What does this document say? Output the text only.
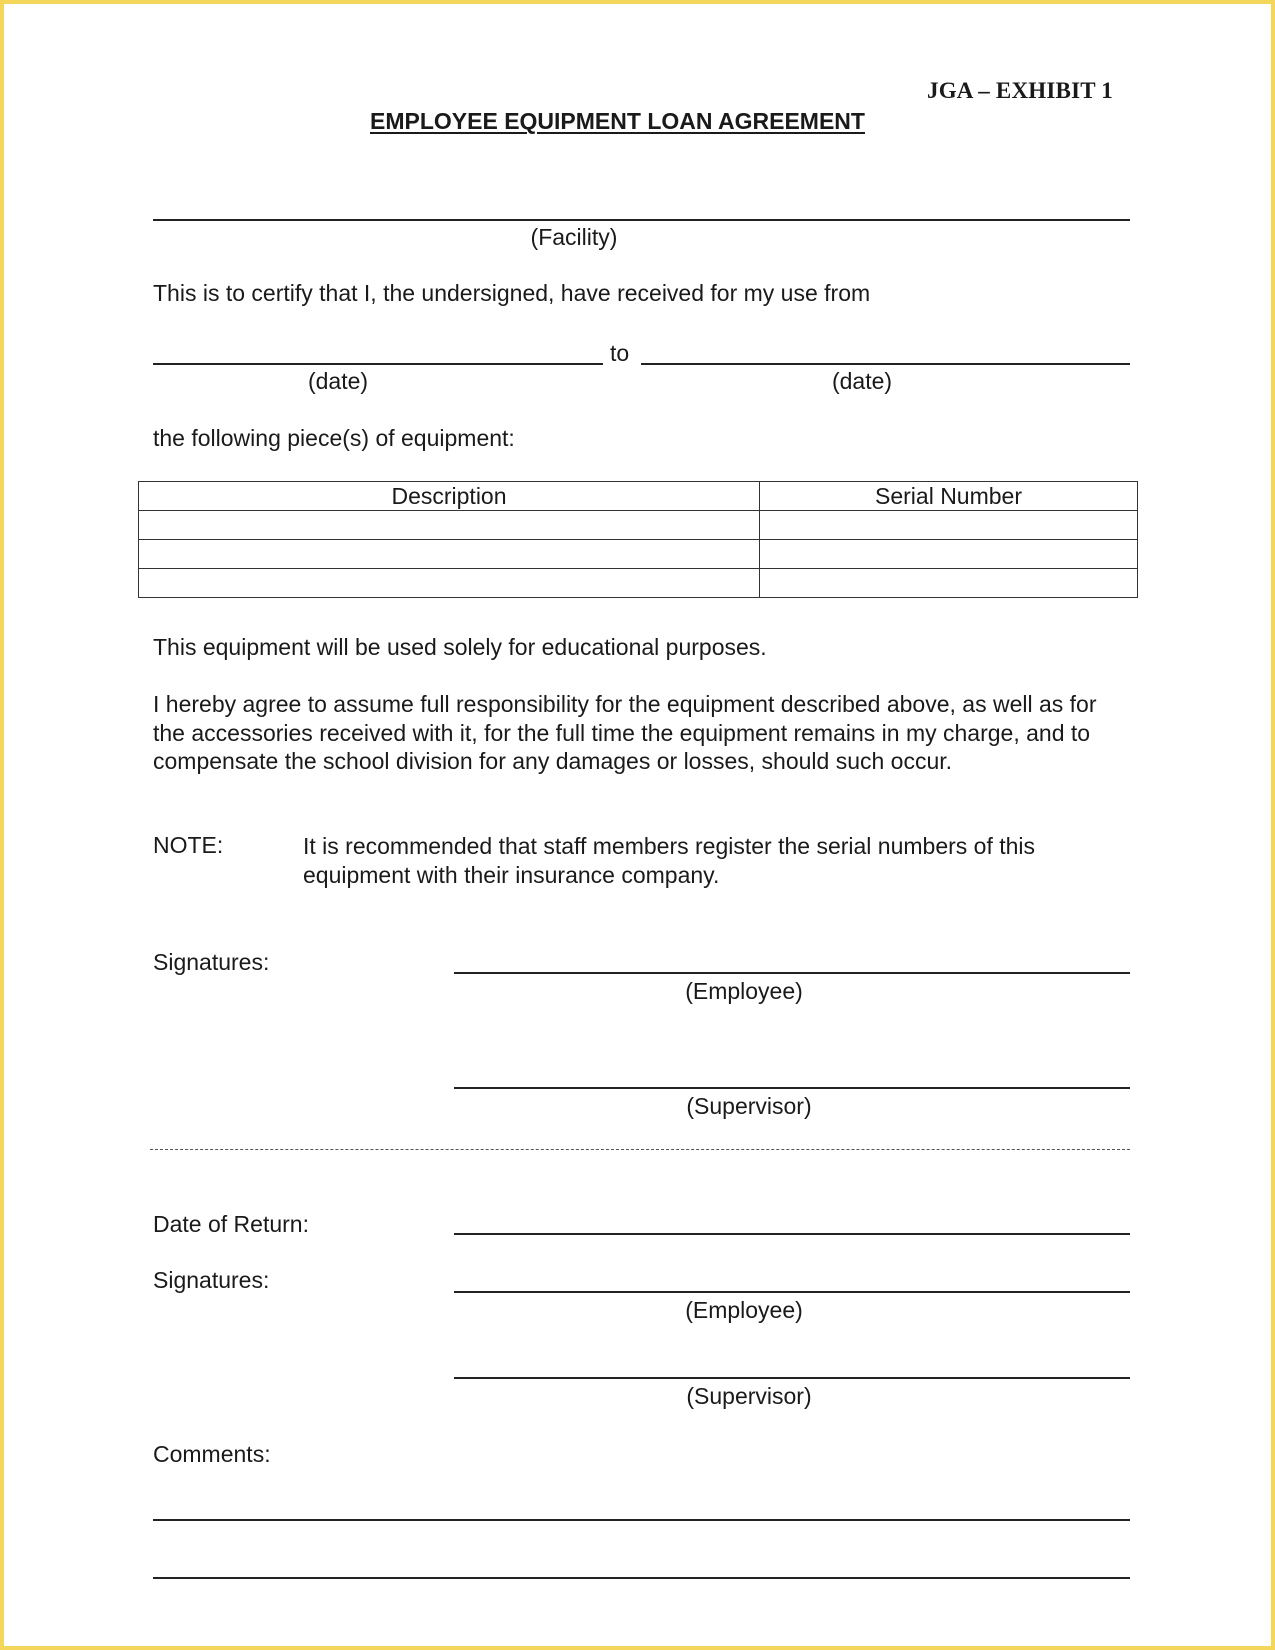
JGA – EXHIBIT 1
EMPLOYEE EQUIPMENT LOAN AGREEMENT
(Facility)
This is to certify that I, the undersigned, have received for my use from
to
(date)	(date)
the following piece(s) of equipment:
Description	Serial Number

This equipment will be used solely for educational purposes.
I hereby agree to assume full responsibility for the equipment described above, as well as for the accessories received with it, for the full time the equipment remains in my charge, and to compensate the school division for any damages or losses, should such occur.
NOTE:	It is recommended that staff members register the serial numbers of this equipment with their insurance company.
Signatures:
(Employee)
(Supervisor)
Date of Return:
Signatures:
(Employee)
(Supervisor)
Comments:
